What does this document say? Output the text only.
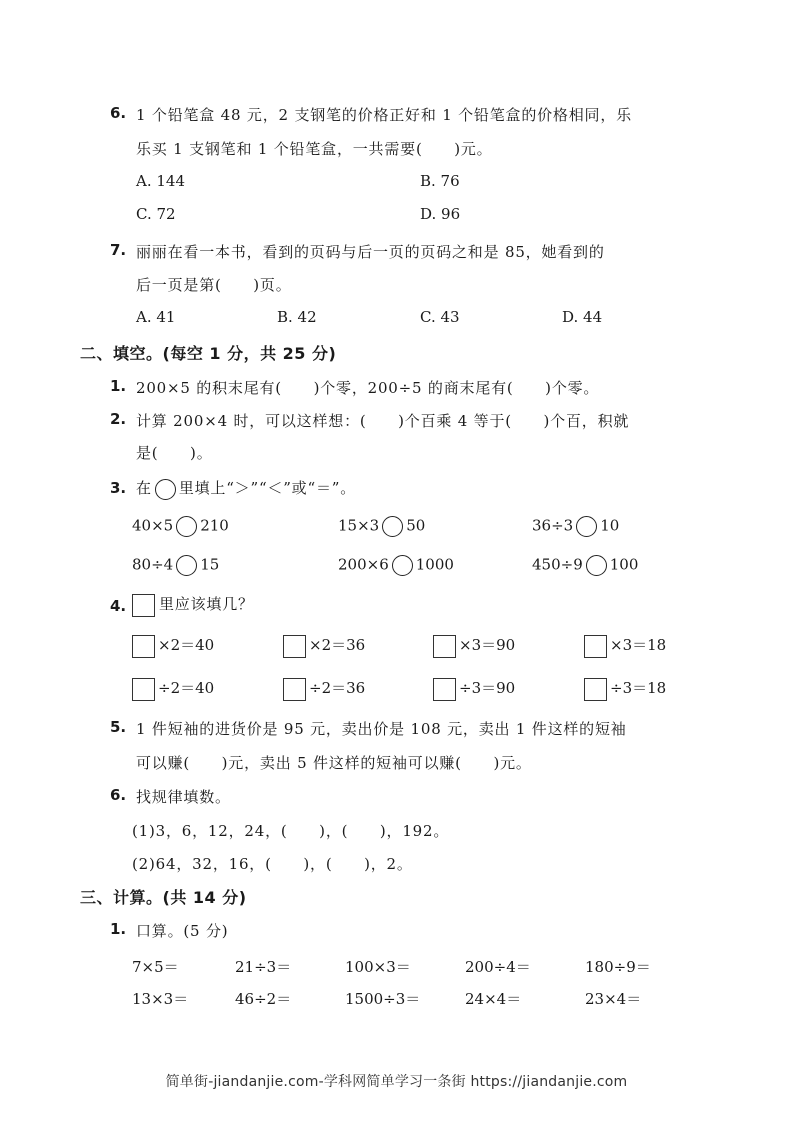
6. 1 个铅笔盒 48 元，2 支钢笔的价格正好和 1 个铅笔盒的价格相同，乐
乐买 1 支钢笔和 1 个铅笔盒，一共需要(　　)元。
A. 144	B. 76
C. 72	D. 96
7. 丽丽在看一本书，看到的页码与后一页的页码之和是 85，她看到的
后一页是第(　　)页。
A. 41	B. 42	C. 43	D. 44
二、填空。(每空 1 分，共 25 分)
1. 200×5 的积末尾有(　　)个零，200÷5 的商末尾有(　　)个零。
2. 计算 200×4 时，可以这样想：(　　)个百乘 4 等于(　　)个百，积就
是(　　)。
3. 在 里填上“＞”“＜”或“＝”。
40×5 210	15×3 50	36÷3 10
80÷4 15	200×6 1000	450÷9 100
4.	里应该填几？
×2＝40	×2＝36	×3＝90	×3＝18
÷2＝40	÷2＝36	÷3＝90	÷3＝18
5. 1 件短袖的进货价是 95 元，卖出价是 108 元，卖出 1 件这样的短袖
可以赚(　　)元，卖出 5 件这样的短袖可以赚(　　)元。
6. 找规律填数。
(1)3，6，12，24，(　　)，(　　)，192。
(2)64，32，16，(　　)，(　　)，2。
三、计算。(共 14 分)
1. 口算。(5 分)
7×5＝	21÷3＝	100×3＝	200÷4＝	180÷9＝
13×3＝	46÷2＝	1500÷3＝	24×4＝	23×4＝
简单街-jiandanjie.com-学科网简单学习一条街 https://jiandanjie.com
